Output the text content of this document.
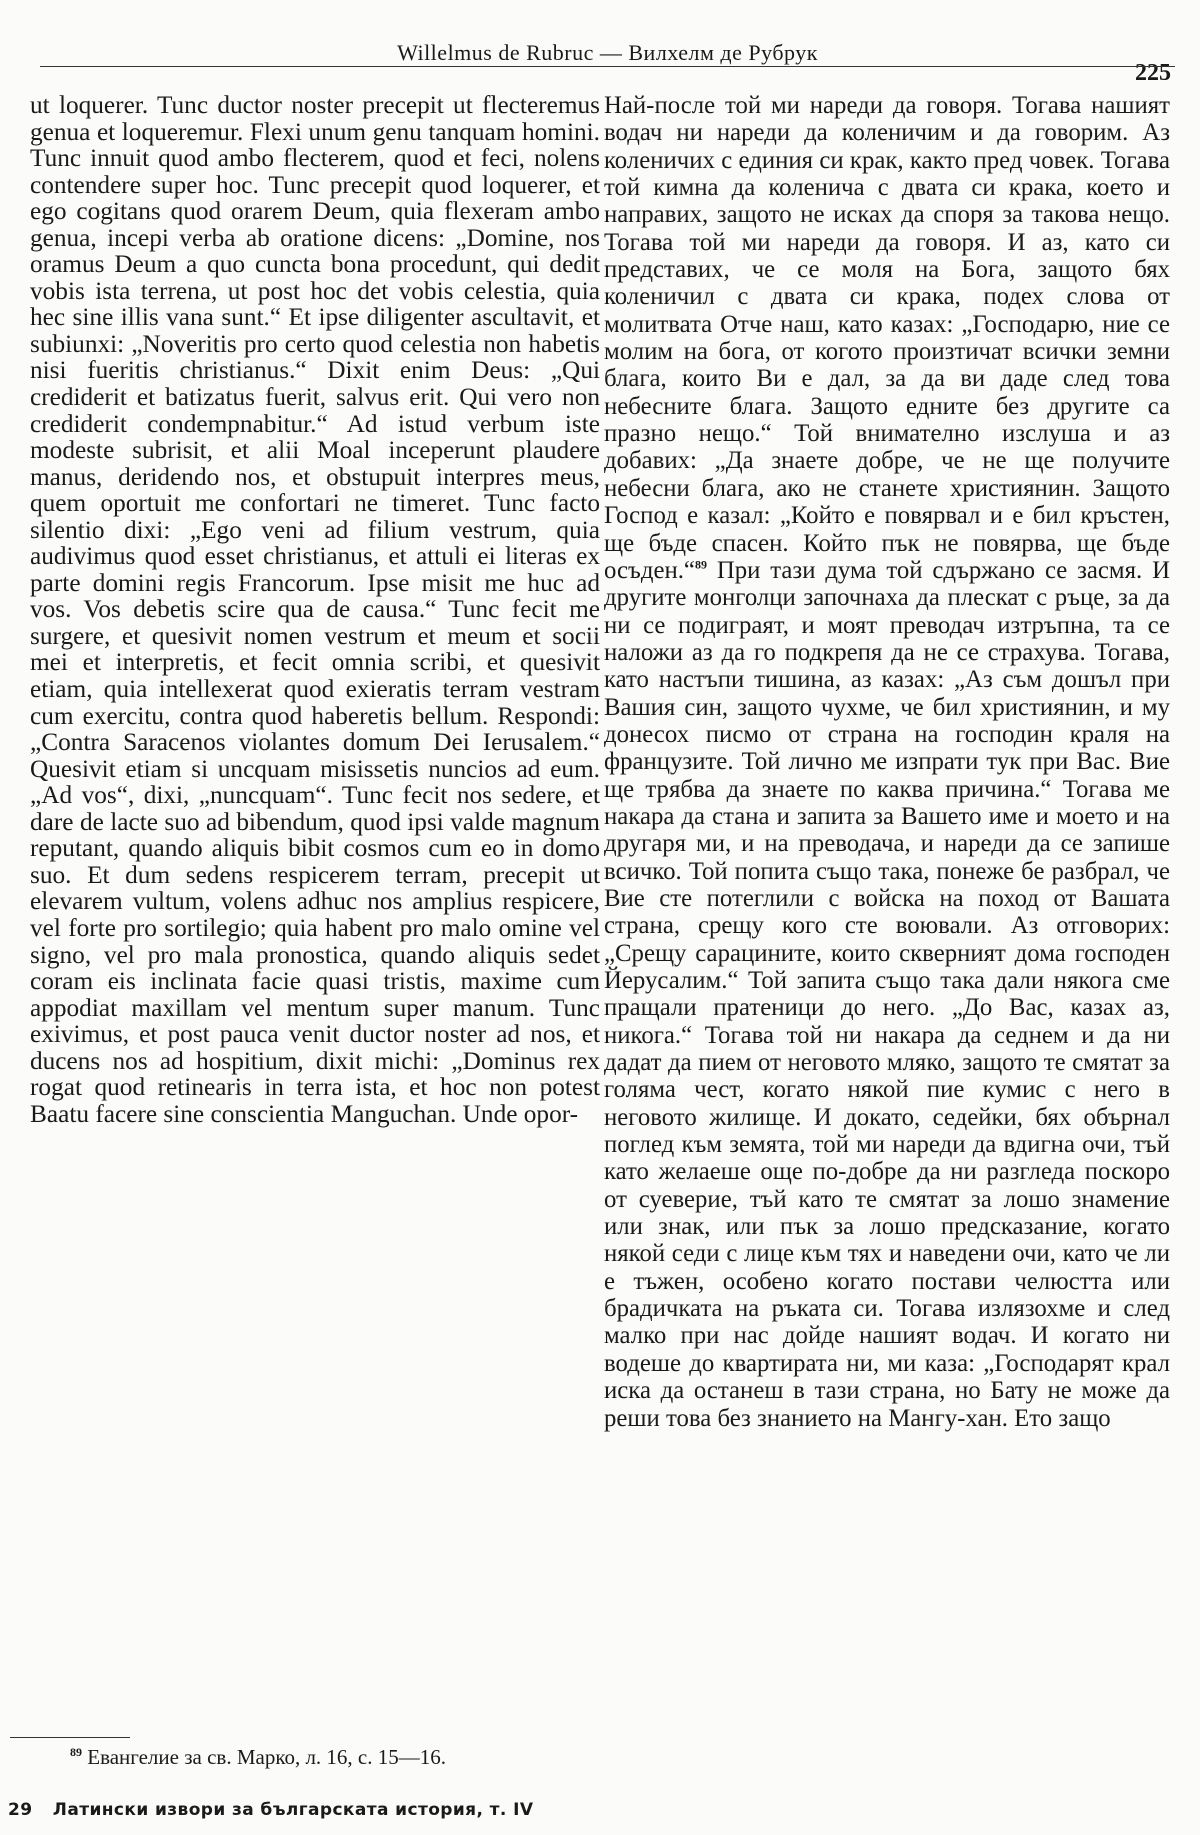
Willelmus de Rubruc — Вилхелм де Рубрук
225

ut loquerer. Tunc ductor noster precepit ut flecteremus genua et loqueremur. Flexi unum genu tanquam homini. Tunc innuit quod ambo flecterem, quod et feci, nolens contendere super hoc. Tunc precepit quod loquerer, et ego cogitans quod orarem Deum, quia flexeram ambo genua, incepi verba ab oratione dicens: „Domine, nos oramus Deum a quo cuncta bona procedunt, qui dedit vobis ista terrena, ut post hoc det vobis celestia, quia hec sine illis vana sunt.“ Et ipse diligenter ascultavit, et subiunxi: „Noveritis pro certo quod celestia non habetis nisi fueritis christianus.“ Dixit enim Deus: „Qui crediderit et batizatus fuerit, salvus erit. Qui vero non crediderit condempnabitur.“ Ad istud verbum iste modeste subrisit, et alii Moal inceperunt plaudere manus, deridendo nos, et obstupuit interpres meus, quem oportuit me confortari ne timeret. Tunc facto silentio dixi: „Ego veni ad filium vestrum, quia audivimus quod esset christianus, et attuli ei literas ex parte domini regis Francorum. Ipse misit me huc ad vos. Vos debetis scire qua de causa.“ Tunc fecit me surgere, et quesivit nomen vestrum et meum et socii mei et interpretis, et fecit omnia scribi, et quesivit etiam, quia intellexerat quod exieratis terram vestram cum exercitu, contra quod haberetis bellum. Respondi: „Contra Saracenos violantes domum Dei Ierusalem.“ Quesivit etiam si uncquam misissetis nuncios ad eum. „Ad vos“, dixi, „nuncquam“. Tunc fecit nos sedere, et dare de lacte suo ad bibendum, quod ipsi valde magnum reputant, quando aliquis bibit cosmos cum eo in domo suo. Et dum sedens respicerem terram, precepit ut elevarem vultum, volens adhuc nos amplius respicere, vel forte pro sortilegio; quia habent pro malo omine vel signo, vel pro mala pronostica, quando aliquis sedet coram eis inclinata facie quasi tristis, maxime cum appodiat maxillam vel mentum super manum. Tunc exivimus, et post pauca venit ductor noster ad nos, et ducens nos ad hospitium, dixit michi: „Dominus rex rogat quod retinearis in terra ista, et hoc non potest Baatu facere sine conscientia Manguchan. Unde opor-

Най-после той ми нареди да говоря. Тогава нашият водач ни нареди да коленичим и да говорим. Аз коленичих с единия си крак, както пред човек. Тогава той кимна да коленича с двата си крака, което и направих, защото не исках да споря за такова нещо. Тогава той ми нареди да говоря. И аз, като си представих, че се моля на Бога, защото бях коленичил с двата си крака, подех слова от молитвата Отче наш, като казах: „Господарю, ние се молим на бога, от когото произтичат всички земни блага, които Ви е дал, за да ви даде след това небесните блага. Защото едните без другите са празно нещо.“ Той внимателно изслуша и аз добавих: „Да знаете добре, че не ще получите небесни блага, ако не станете християнин. Защото Господ е казал: „Който е повярвал и е бил кръстен, ще бъде спасен. Който пък не повярва, ще бъде осъден.“$^{89}$ При тази дума той сдържано се засмя. И другите монголци започнаха да плескат с ръце, за да ни се подиграят, и моят преводач изтръпна, та се наложи аз да го подкрепя да не се страхува. Тогава, като настъпи тишина, аз казах: „Аз съм дошъл при Вашия син, защото чухме, че бил християнин, и му донесох писмо от страна на господин краля на французите. Той лично ме изпрати тук при Вас. Вие ще трябва да знаете по каква причина.“ Тогава ме накара да стана и запита за Вашето име и моето и на другаря ми, и на преводача, и нареди да се запише всичко. Той попита също така, понеже бе разбрал, че Вие сте потеглили с войска на поход от Вашата страна, срещу кого сте воювали. Аз отговорих: „Срещу сарацините, които скверният дома господен Йерусалим.“ Той запита също така дали някога сме пращали пратеници до него. „До Вас, казах аз, никога.“ Тогава той ни накара да седнем и да ни дадат да пием от неговото мляко, защото те смятат за голяма чест, когато някой пие кумис с него в неговото жилище. И докато, седейки, бях обърнал поглед към земята, той ми нареди да вдигна очи, тъй като желаеше още по-добре да ни разгледа поскоро от суеверие, тъй като те смятат за лошо знамение или знак, или пък за лошо предсказание, когато някой седи с лице към тях и наведени очи, като че ли е тъжен, особено когато постави челюстта или брадичката на ръката си. Тогава излязохме и след малко при нас дойде нашият водач. И когато ни водеше до квартирата ни, ми каза: „Господарят крал иска да останеш в тази страна, но Бату не може да реши това без знанието на Мангу-хан. Ето защо

$^{89}$ Евангелие за св. Марко, л. 16, с. 15—16.
29 Латински извори за българската история, т. IV
